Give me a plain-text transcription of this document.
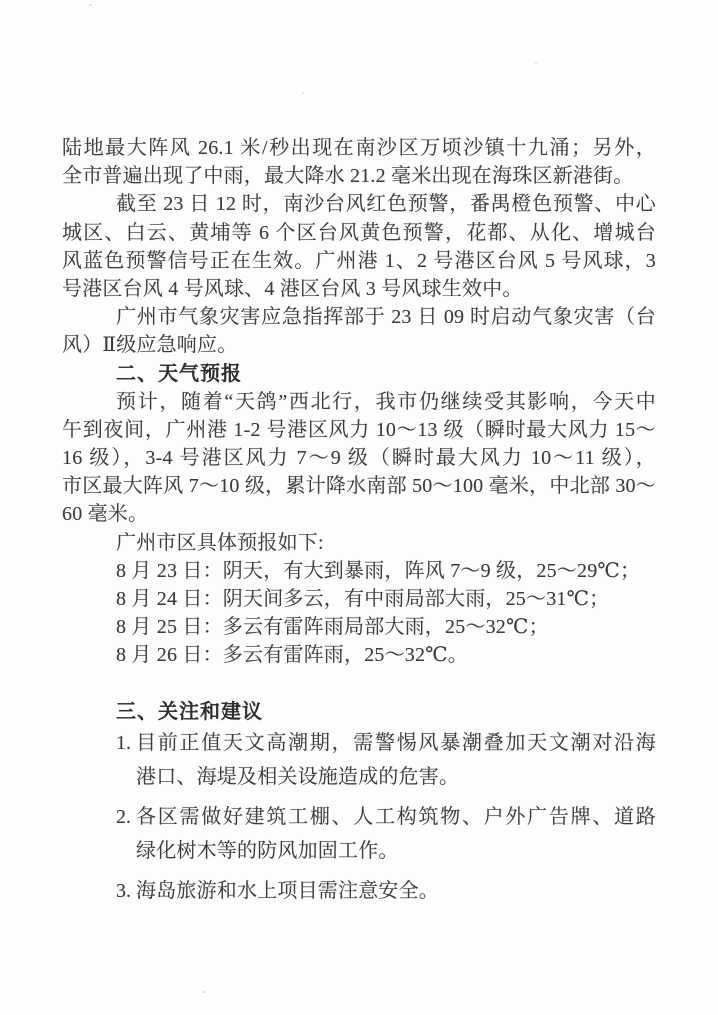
陆地最大阵风 26.1 米/秒出现在南沙区万顷沙镇十九涌；另外，
全市普遍出现了中雨，最大降水 21.2 毫米出现在海珠区新港街。
截至 23 日 12 时，南沙台风红色预警，番禺橙色预警、中心
城区、白云、黄埔等 6 个区台风黄色预警，花都、从化、增城台
风蓝色预警信号正在生效。广州港 1、2 号港区台风 5 号风球，3
号港区台风 4 号风球、4 港区台风 3 号风球生效中。
广州市气象灾害应急指挥部于 23 日 09 时启动气象灾害（台
风）Ⅱ级应急响应。
二、天气预报
预计，随着“天鸽”西北行，我市仍继续受其影响，今天中
午到夜间，广州港 1-2 号港区风力 10～13 级（瞬时最大风力 15～
16 级），3-4 号港区风力 7～9 级（瞬时最大风力 10～11 级），
市区最大阵风 7～10 级，累计降水南部 50～100 毫米，中北部 30～
60 毫米。
广州市区具体预报如下:
8 月 23 日：阴天，有大到暴雨，阵风 7～9 级，25～29℃；
8 月 24 日：阴天间多云，有中雨局部大雨，25～31℃；
8 月 25 日：多云有雷阵雨局部大雨，25～32℃；
8 月 26 日：多云有雷阵雨，25～32℃。
三、关注和建议
1. 目前正值天文高潮期，需警惕风暴潮叠加天文潮对沿海
港口、海堤及相关设施造成的危害。
2. 各区需做好建筑工棚、人工构筑物、户外广告牌、道路
绿化树木等的防风加固工作。
3. 海岛旅游和水上项目需注意安全。
